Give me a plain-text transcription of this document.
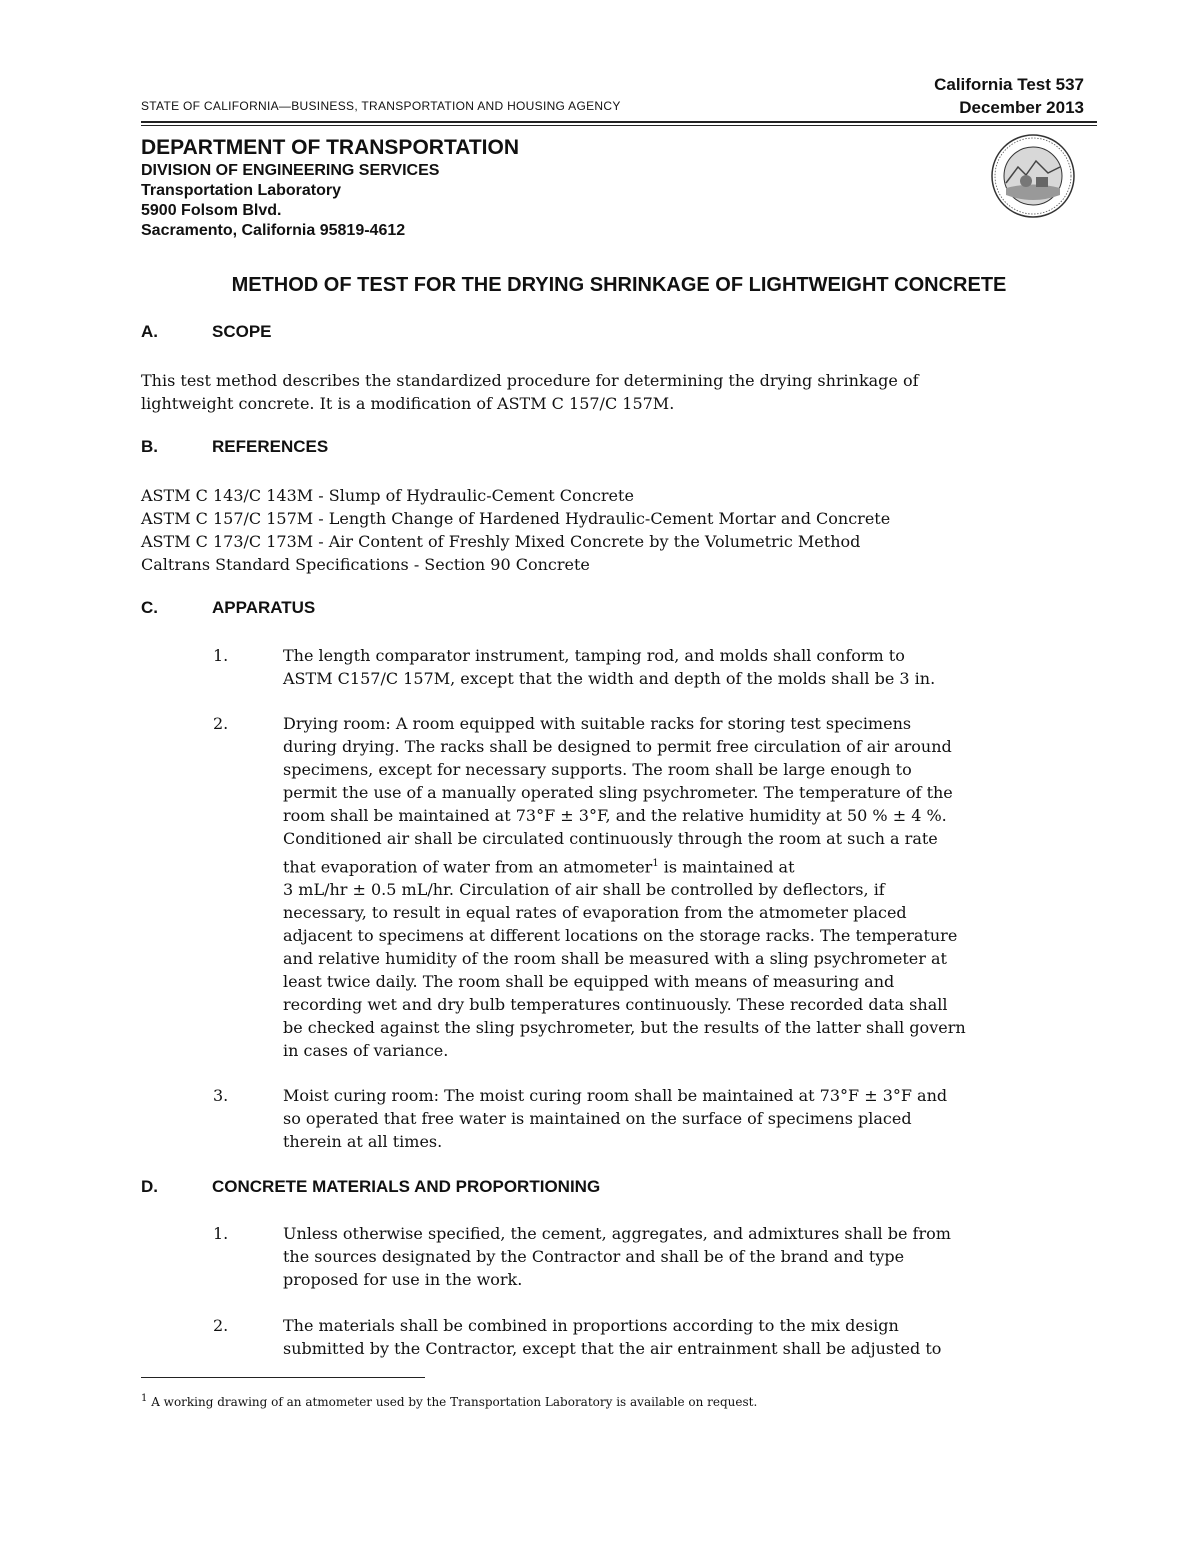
STATE OF CALIFORNIA—BUSINESS, TRANSPORTATION AND HOUSING AGENCY
California Test 537
December 2013
DEPARTMENT OF TRANSPORTATION
DIVISION OF ENGINEERING SERVICES
Transportation Laboratory
5900 Folsom Blvd.
Sacramento, California 95819-4612
METHOD OF TEST FOR THE DRYING SHRINKAGE OF LIGHTWEIGHT CONCRETE
A.	SCOPE
This test method describes the standardized procedure for determining the drying shrinkage of
lightweight concrete. It is a modification of ASTM C 157/C 157M.
B.	REFERENCES
ASTM C 143/C 143M - Slump of Hydraulic-Cement Concrete
ASTM C 157/C 157M - Length Change of Hardened Hydraulic-Cement Mortar and Concrete
ASTM C 173/C 173M - Air Content of Freshly Mixed Concrete by the Volumetric Method
Caltrans Standard Specifications - Section 90 Concrete
C.	APPARATUS
1.	The length comparator instrument, tamping rod, and molds shall conform to
ASTM C157/C 157M, except that the width and depth of the molds shall be 3 in.
2.	Drying room: A room equipped with suitable racks for storing test specimens
during drying. The racks shall be designed to permit free circulation of air around
specimens, except for necessary supports. The room shall be large enough to
permit the use of a manually operated sling psychrometer. The temperature of the
room shall be maintained at 73°F ± 3°F, and the relative humidity at 50 % ± 4 %.
Conditioned air shall be circulated continuously through the room at such a rate
that evaporation of water from an atmometer$^1$ is maintained at
3 mL/hr ± 0.5 mL/hr. Circulation of air shall be controlled by deflectors, if
necessary, to result in equal rates of evaporation from the atmometer placed
adjacent to specimens at different locations on the storage racks. The temperature
and relative humidity of the room shall be measured with a sling psychrometer at
least twice daily. The room shall be equipped with means of measuring and
recording wet and dry bulb temperatures continuously. These recorded data shall
be checked against the sling psychrometer, but the results of the latter shall govern
in cases of variance.
3.	Moist curing room: The moist curing room shall be maintained at 73°F ± 3°F and
so operated that free water is maintained on the surface of specimens placed
therein at all times.
D.	CONCRETE MATERIALS AND PROPORTIONING
1.	Unless otherwise specified, the cement, aggregates, and admixtures shall be from
the sources designated by the Contractor and shall be of the brand and type
proposed for use in the work.
2.	The materials shall be combined in proportions according to the mix design
submitted by the Contractor, except that the air entrainment shall be adjusted to
$^1$ A working drawing of an atmometer used by the Transportation Laboratory is available on request.
